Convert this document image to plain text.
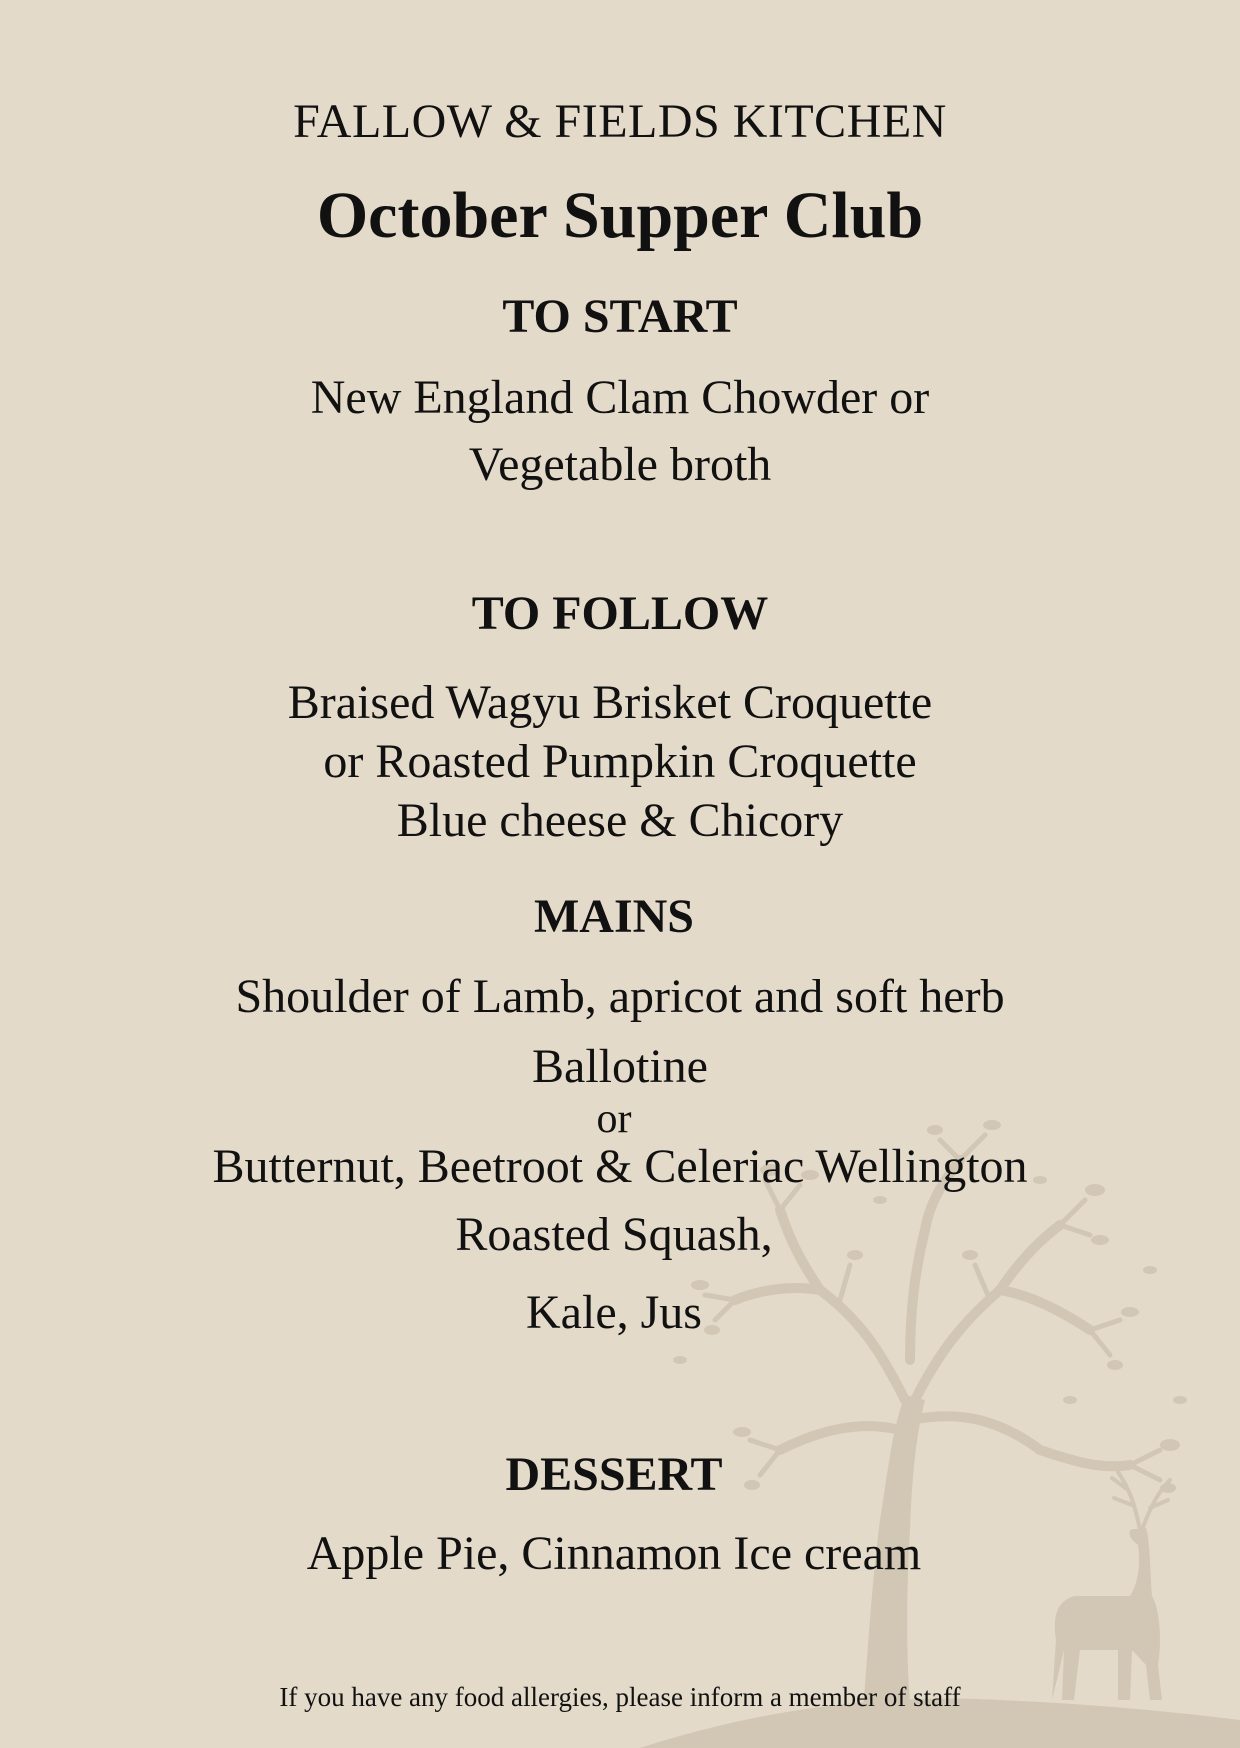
FALLOW & FIELDS KITCHEN
October Supper Club
TO START
New England Clam Chowder or
Vegetable broth
TO FOLLOW
Braised Wagyu Brisket Croquette
or Roasted Pumpkin Croquette
Blue cheese & Chicory
MAINS
Shoulder of Lamb, apricot and soft herb
Ballotine
or
Butternut, Beetroot & Celeriac Wellington
Roasted Squash,
Kale, Jus
DESSERT
Apple Pie, Cinnamon Ice cream
If you have any food allergies, please inform a member of staff
